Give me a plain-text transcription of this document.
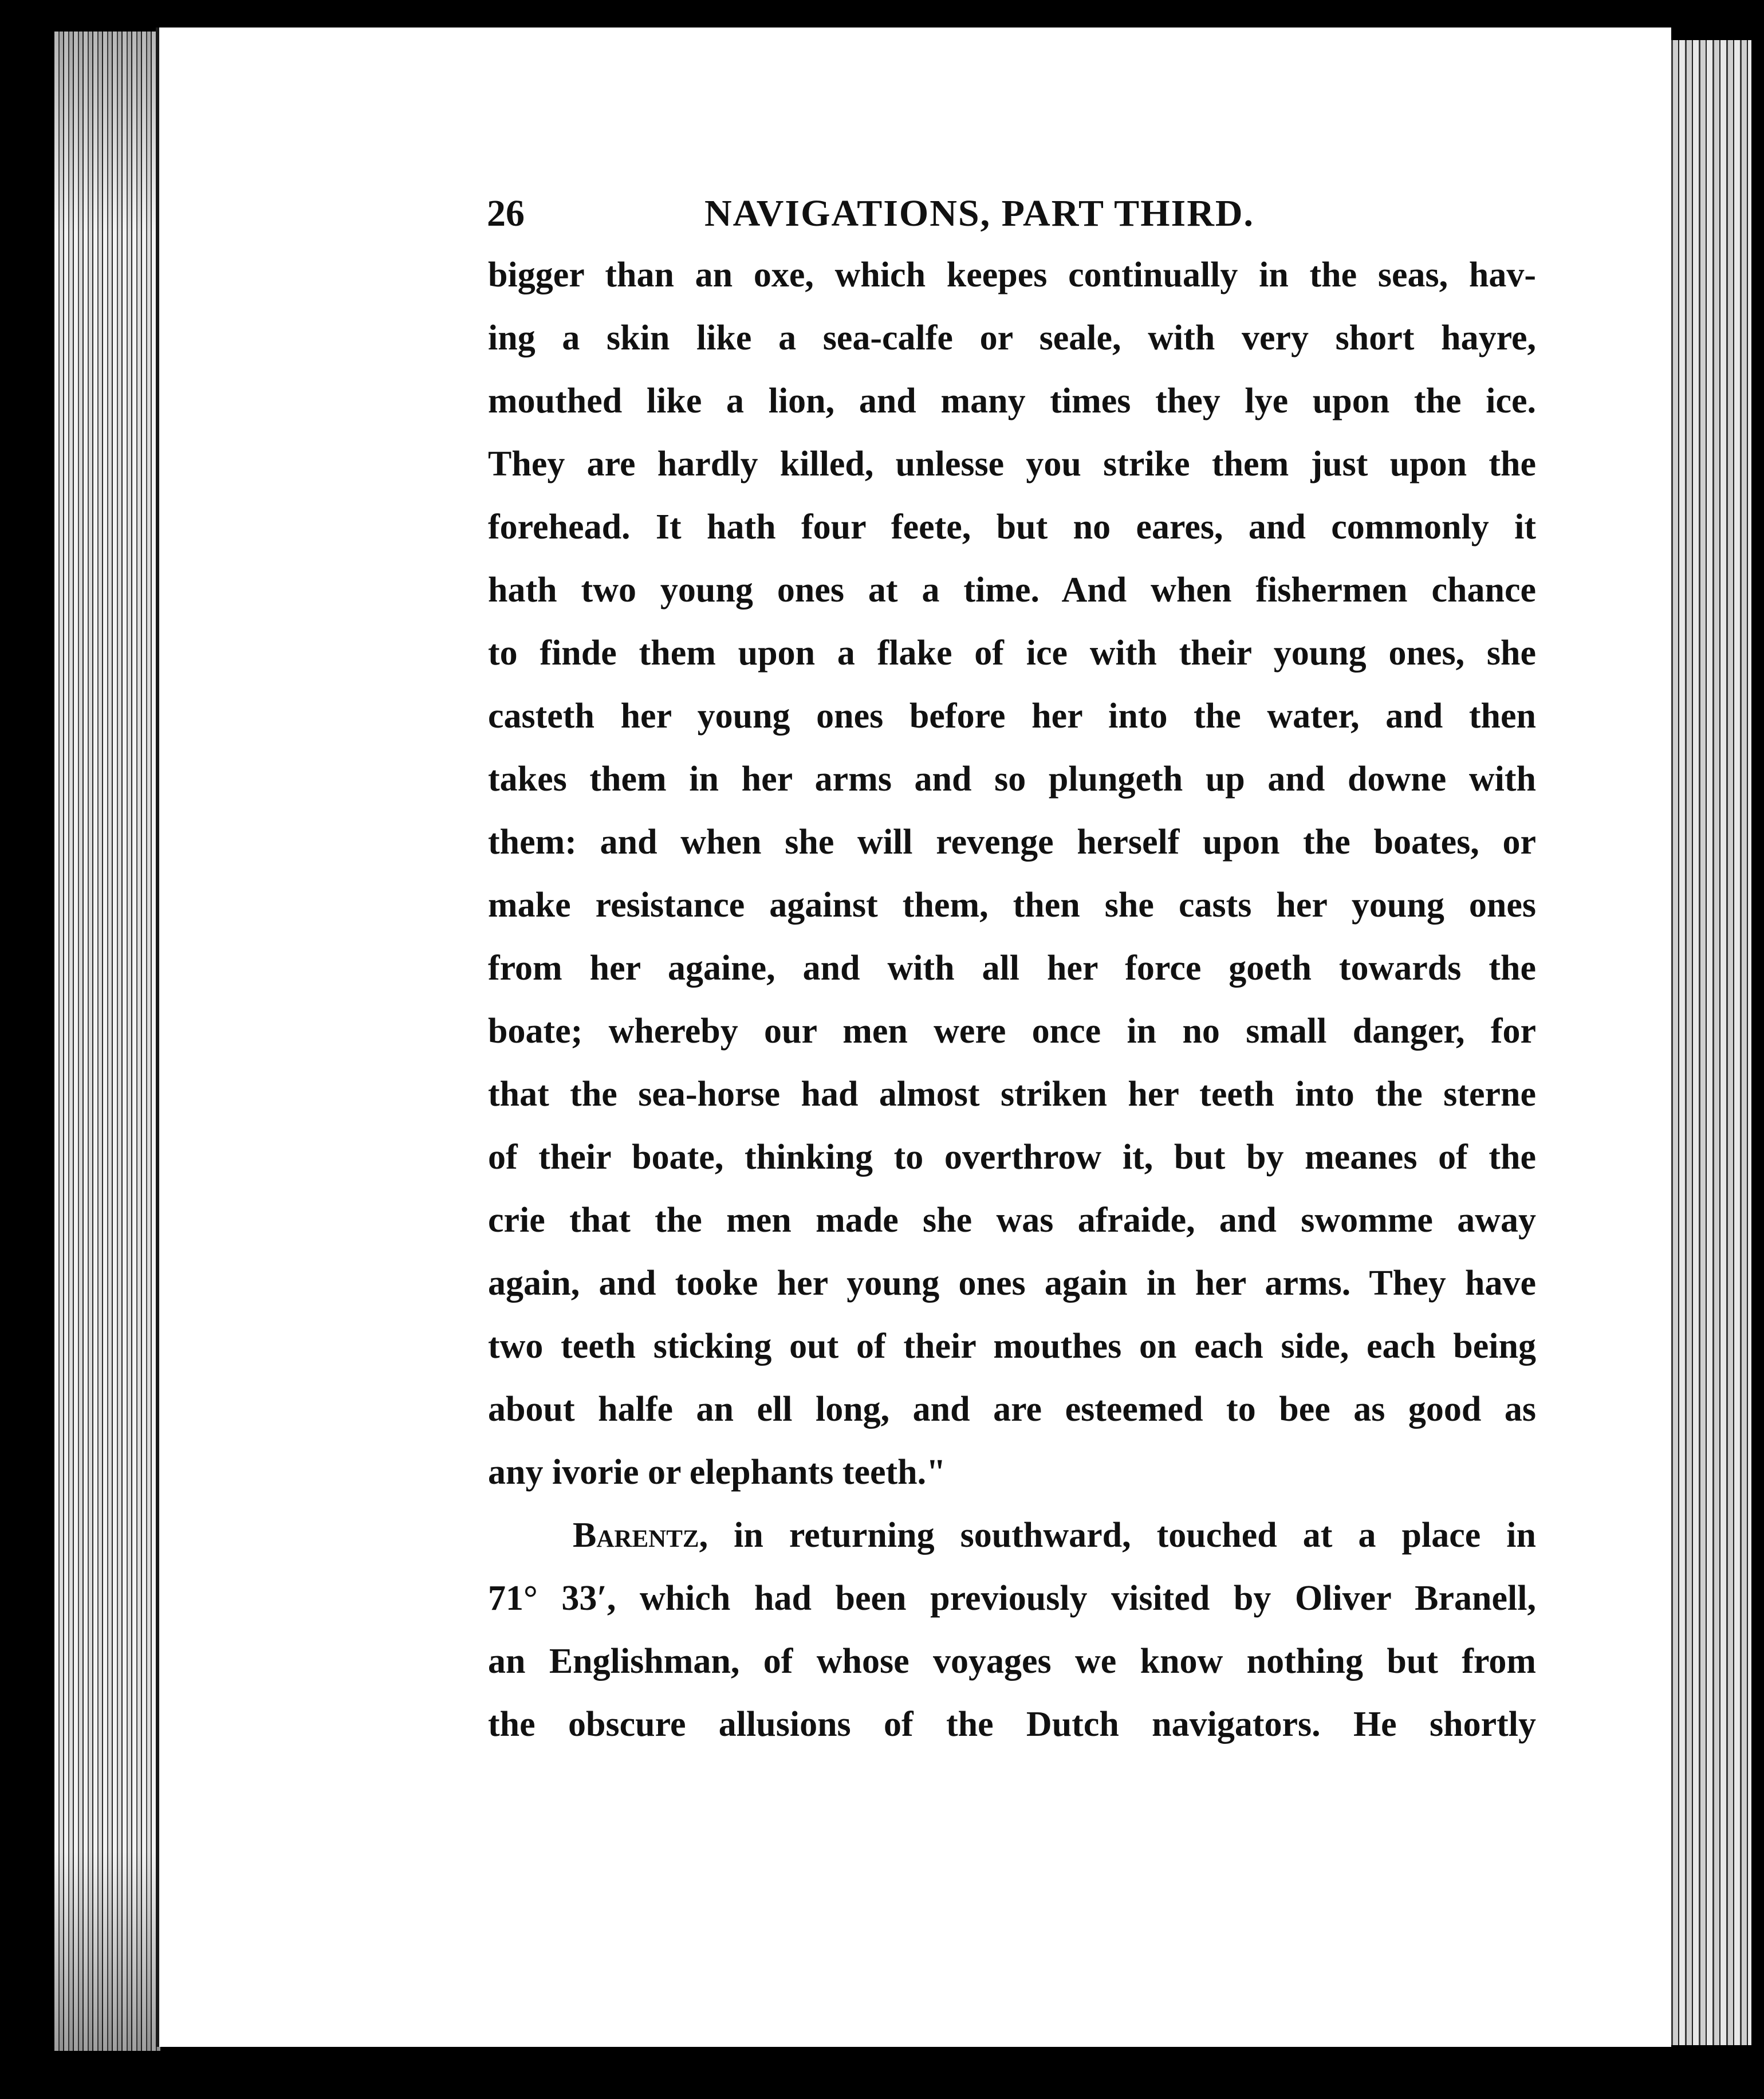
26	NAVIGATIONS, PART THIRD.
bigger than an oxe, which keepes continually in the seas, hav-
ing a skin like a sea-calfe or seale, with very short hayre,
mouthed like a lion, and many times they lye upon the ice.
They are hardly killed, unlesse you strike them just upon the
forehead. It hath four feete, but no eares, and commonly it
hath two young ones at a time. And when fishermen chance
to finde them upon a flake of ice with their young ones, she
casteth her young ones before her into the water, and then
takes them in her arms and so plungeth up and downe with
them: and when she will revenge herself upon the boates, or
make resistance against them, then she casts her young ones
from her againe, and with all her force goeth towards the
boate; whereby our men were once in no small danger, for
that the sea-horse had almost striken her teeth into the sterne
of their boate, thinking to overthrow it, but by meanes of the
crie that the men made she was afraide, and swomme away
again, and tooke her young ones again in her arms. They have
two teeth sticking out of their mouthes on each side, each being
about halfe an ell long, and are esteemed to bee as good as
any ivorie or elephants teeth."
Barentz, in returning southward, touched at a place in
71° 33′, which had been previously visited by Oliver Branell,
an Englishman, of whose voyages we know nothing but from
the obscure allusions of the Dutch navigators. He shortly
